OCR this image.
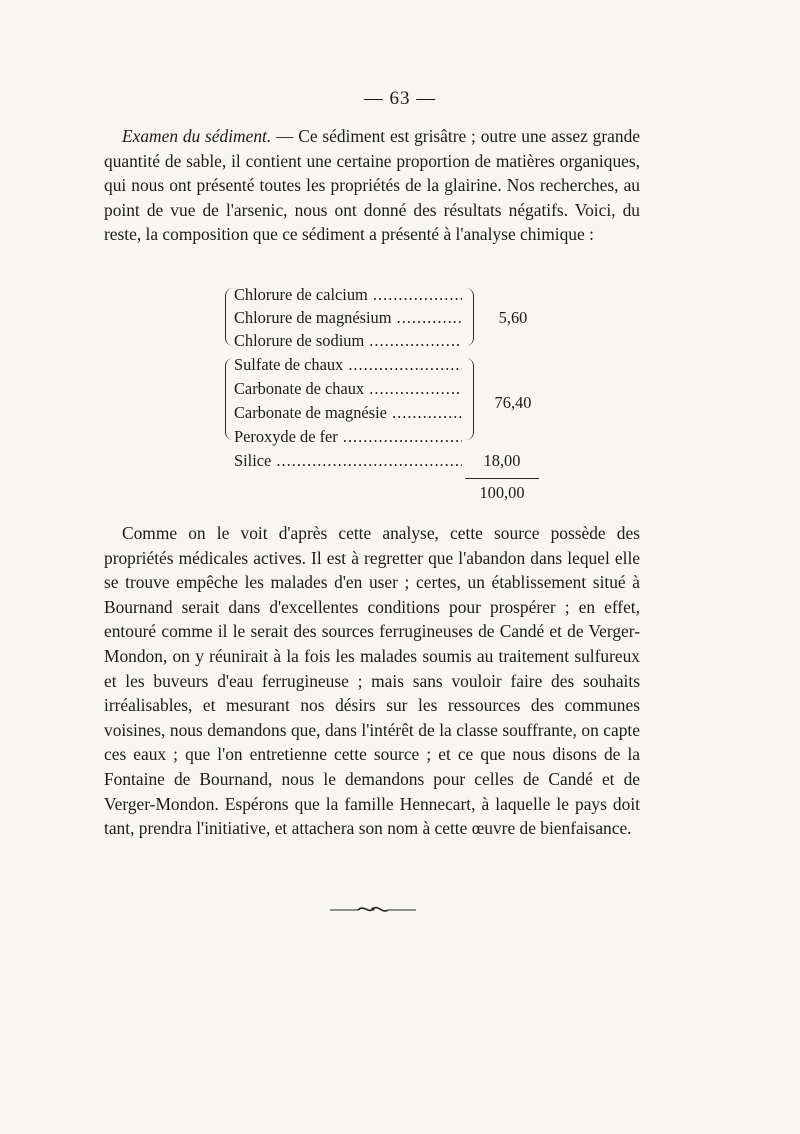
— 63 —

Examen du sédiment. — Ce sédiment est grisâtre ; outre une assez grande quantité de sable, il contient une certaine proportion de matières organiques, qui nous ont présenté toutes les propriétés de la glairine. Nos recherches, au point de vue de l'arsenic, nous ont donné des résultats négatifs. Voici, du reste, la composition que ce sédiment a présenté à l'analyse chimique :

Chlorure de calcium .....
Chlorure de magnésium .....
Chlorure de sodium .....
5,60
Sulfate de chaux .....
Carbonate de chaux .....
Carbonate de magnésie .....
Peroxyde de fer .....
76,40
Silice .....	18,00
100,00

Comme on le voit d'après cette analyse, cette source possède des propriétés médicales actives. Il est à regretter que l'abandon dans lequel elle se trouve empêche les malades d'en user ; certes, un établissement situé à Bournand serait dans d'excellentes conditions pour prospérer ; en effet, entouré comme il le serait des sources ferrugineuses de Candé et de Verger-Mondon, on y réunirait à la fois les malades soumis au traitement sulfureux et les buveurs d'eau ferrugineuse ; mais sans vouloir faire des souhaits irréalisables, et mesurant nos désirs sur les ressources des communes voisines, nous demandons que, dans l'intérêt de la classe souffrante, on capte ces eaux ; que l'on entretienne cette source ; et ce que nous disons de la Fontaine de Bournand, nous le demandons pour celles de Candé et de Verger-Mondon. Espérons que la famille Hennecart, à laquelle le pays doit tant, prendra l'initiative, et attachera son nom à cette œuvre de bienfaisance.
